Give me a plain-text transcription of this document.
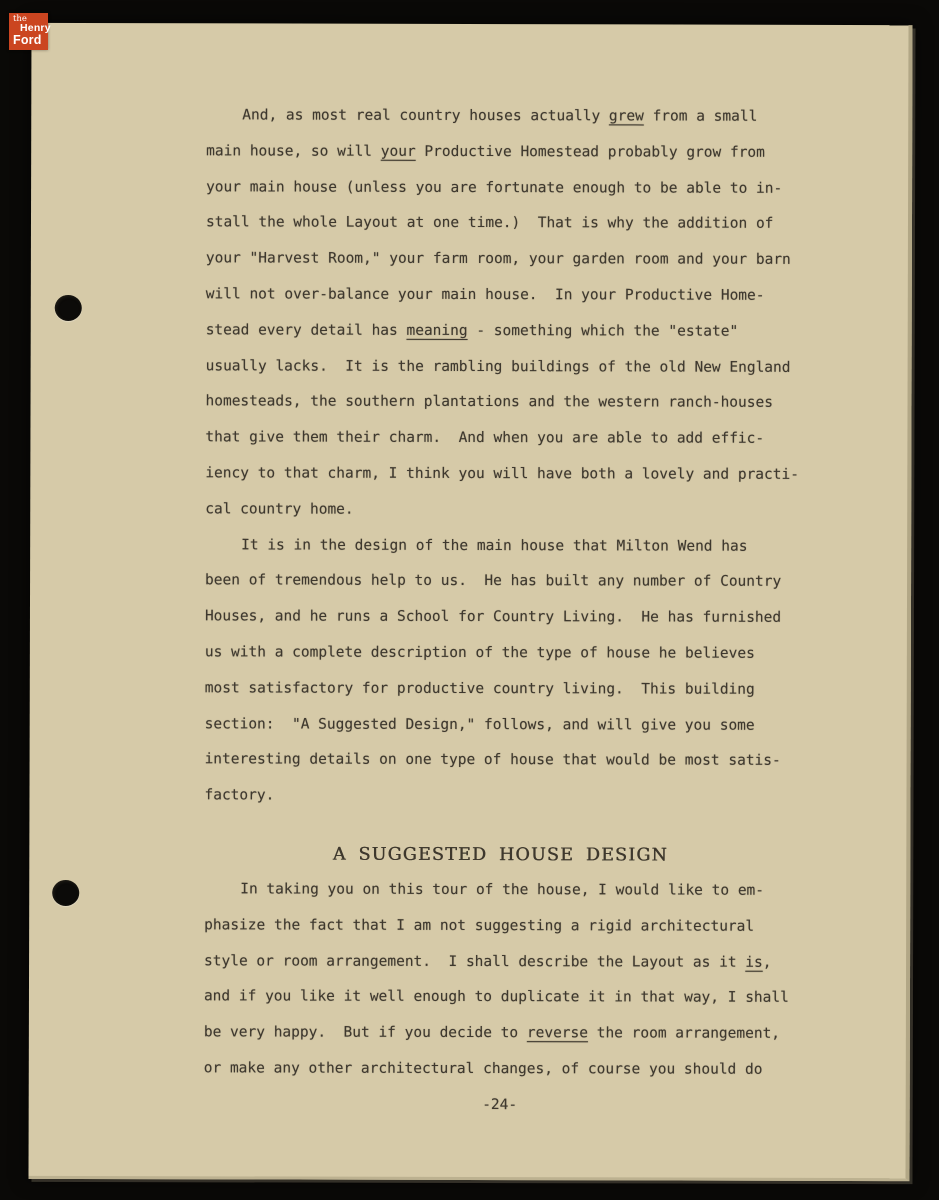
And, as most real country houses actually grew from a small
main house, so will your Productive Homestead probably grow from
your main house (unless you are fortunate enough to be able to in-
stall the whole Layout at one time.)  That is why the addition of
your "Harvest Room," your farm room, your garden room and your barn
will not over-balance your main house.  In your Productive Home-
stead every detail has meaning - something which the "estate"
usually lacks.  It is the rambling buildings of the old New England
homesteads, the southern plantations and the western ranch-houses
that give them their charm.  And when you are able to add effic-
iency to that charm, I think you will have both a lovely and practi-
cal country home.
It is in the design of the main house that Milton Wend has
been of tremendous help to us.  He has built any number of Country
Houses, and he runs a School for Country Living.  He has furnished
us with a complete description of the type of house he believes
most satisfactory for productive country living.  This building
section:  "A Suggested Design," follows, and will give you some
interesting details on one type of house that would be most satis-
factory.
A SUGGESTED HOUSE DESIGN
In taking you on this tour of the house, I would like to em-
phasize the fact that I am not suggesting a rigid architectural
style or room arrangement.  I shall describe the Layout as it is,
and if you like it well enough to duplicate it in that way, I shall
be very happy.  But if you decide to reverse the room arrangement,
or make any other architectural changes, of course you should do
-24-
the
Henry
Ford
